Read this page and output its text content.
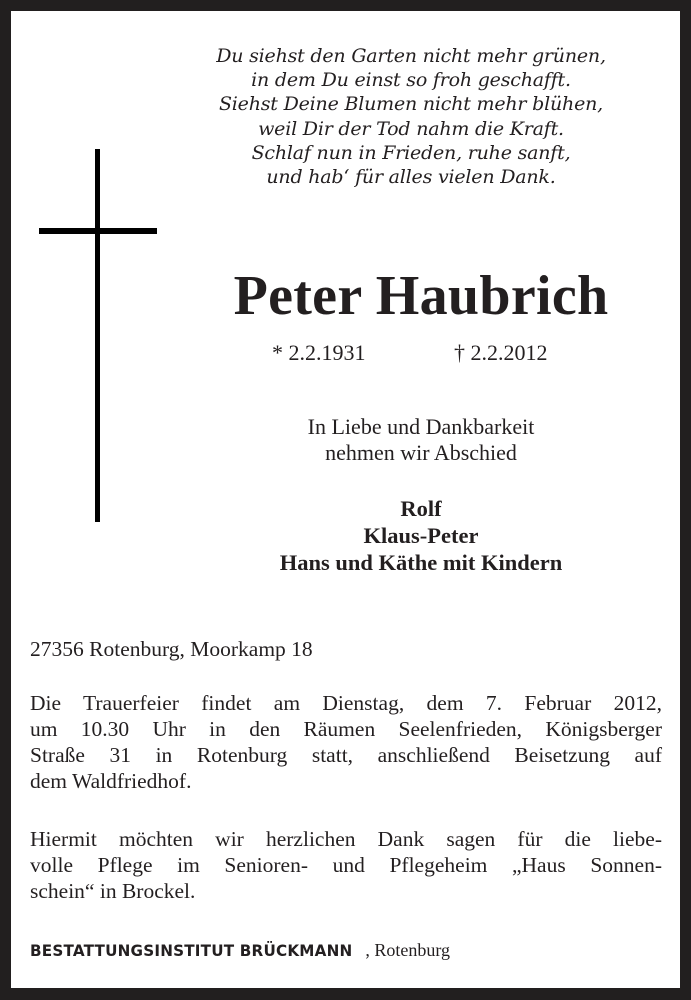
Du siehst den Garten nicht mehr grünen,
in dem Du einst so froh geschafft.
Siehst Deine Blumen nicht mehr blühen,
weil Dir der Tod nahm die Kraft.
Schlaf nun in Frieden, ruhe sanft,
und hab‘ für alles vielen Dank.
Peter Haubrich
* 2.2.1931	† 2.2.2012
In Liebe und Dankbarkeit
nehmen wir Abschied
Rolf
Klaus-Peter
Hans und Käthe mit Kindern
27356 Rotenburg, Moorkamp 18
Die Trauerfeier findet am Dienstag, dem 7. Februar 2012,
um 10.30 Uhr in den Räumen Seelenfrieden, Königsberger
Straße 31 in Rotenburg statt, anschließend Beisetzung auf
dem Waldfriedhof.
Hiermit möchten wir herzlichen Dank sagen für die liebe-
volle Pflege im Senioren- und Pflegeheim „Haus Sonnen-
schein“ in Brockel.
BESTATTUNGSINSTITUT BRÜCKMANN , Rotenburg
